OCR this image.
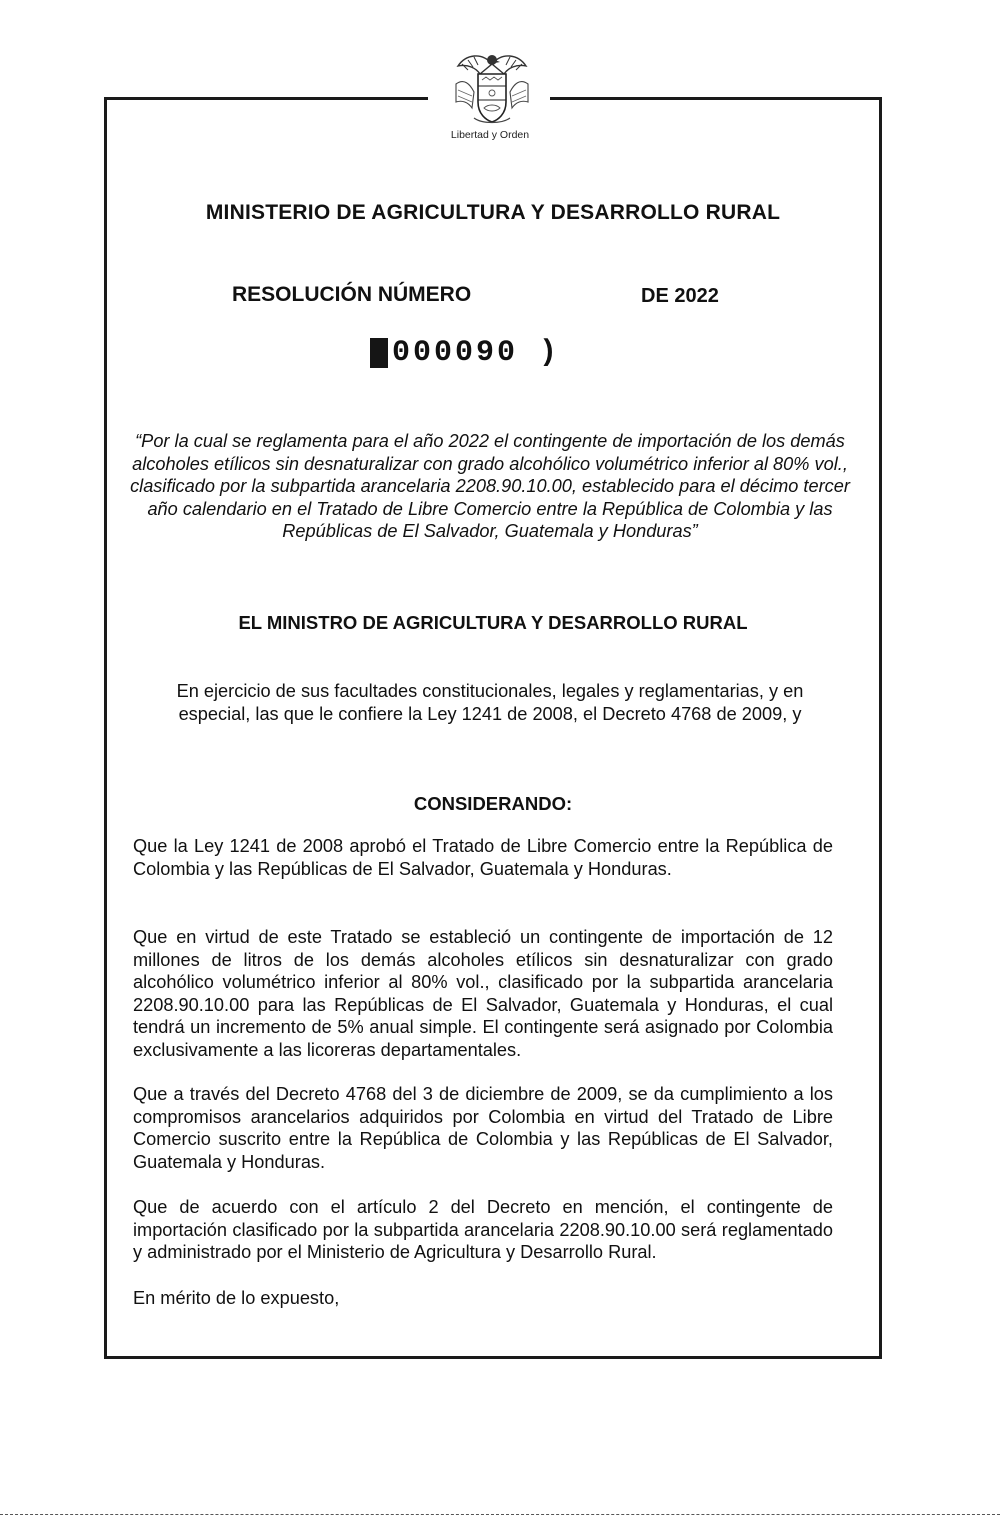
Libertad y Orden
MINISTERIO DE AGRICULTURA Y DESARROLLO RURAL
RESOLUCIÓN NÚMERO	DE 2022
000090 )
“Por la cual se reglamenta para el año 2022 el contingente de importación de los demás alcoholes etílicos sin desnaturalizar con grado alcohólico volumétrico inferior al 80% vol., clasificado por la subpartida arancelaria 2208.90.10.00, establecido para el décimo tercer año calendario en el Tratado de Libre Comercio entre la República de Colombia y las Repúblicas de El Salvador, Guatemala y Honduras”
EL MINISTRO DE AGRICULTURA Y DESARROLLO RURAL
En ejercicio de sus facultades constitucionales, legales y reglamentarias, y en especial, las que le confiere la Ley 1241 de 2008, el Decreto 4768 de 2009, y
CONSIDERANDO:
Que la Ley 1241 de 2008 aprobó el Tratado de Libre Comercio entre la República de Colombia y las Repúblicas de El Salvador, Guatemala y Honduras.
Que en virtud de este Tratado se estableció un contingente de importación de 12 millones de litros de los demás alcoholes etílicos sin desnaturalizar con grado alcohólico volumétrico inferior al 80% vol., clasificado por la subpartida arancelaria 2208.90.10.00 para las Repúblicas de El Salvador, Guatemala y Honduras, el cual tendrá un incremento de 5% anual simple. El contingente será asignado por Colombia exclusivamente a las licoreras departamentales.
Que a través del Decreto 4768 del 3 de diciembre de 2009, se da cumplimiento a los compromisos arancelarios adquiridos por Colombia en virtud del Tratado de Libre Comercio suscrito entre la República de Colombia y las Repúblicas de El Salvador, Guatemala y Honduras.
Que de acuerdo con el artículo 2 del Decreto en mención, el contingente de importación clasificado por la subpartida arancelaria 2208.90.10.00 será reglamentado y administrado por el Ministerio de Agricultura y Desarrollo Rural.
En mérito de lo expuesto,
